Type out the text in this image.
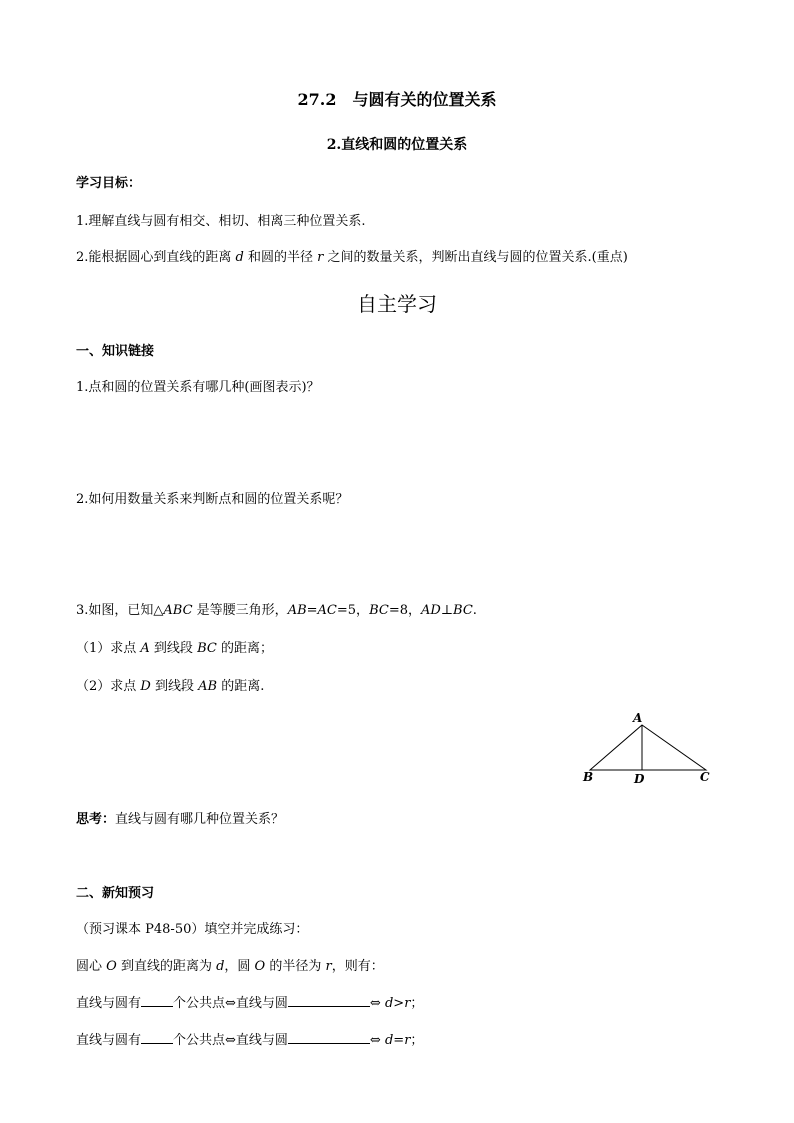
27.2　与圆有关的位置关系
2.直线和圆的位置关系
学习目标：
1.理解直线与圆有相交、相切、相离三种位置关系.
2.能根据圆心到直线的距离 d 和圆的半径 r 之间的数量关系，判断出直线与圆的位置关系.(重点)
自主学习
一、知识链接
1.点和圆的位置关系有哪几种(画图表示)？
2.如何用数量关系来判断点和圆的位置关系呢？
3.如图，已知△ABC 是等腰三角形，AB=AC=5，BC=8，AD⊥BC.
（1）求点 A 到线段 BC 的距离；
（2）求点 D 到线段 AB 的距离.
A
B	D	C
思考：直线与圆有哪几种位置关系？
二、新知预习
（预习课本 P48-50）填空并完成练习：
圆心 O 到直线的距离为 d，圆 O 的半径为 r，则有：
直线与圆有 个公共点⇔直线与圆	⇔ d>r；
直线与圆有 个公共点⇔直线与圆	⇔ d=r；
